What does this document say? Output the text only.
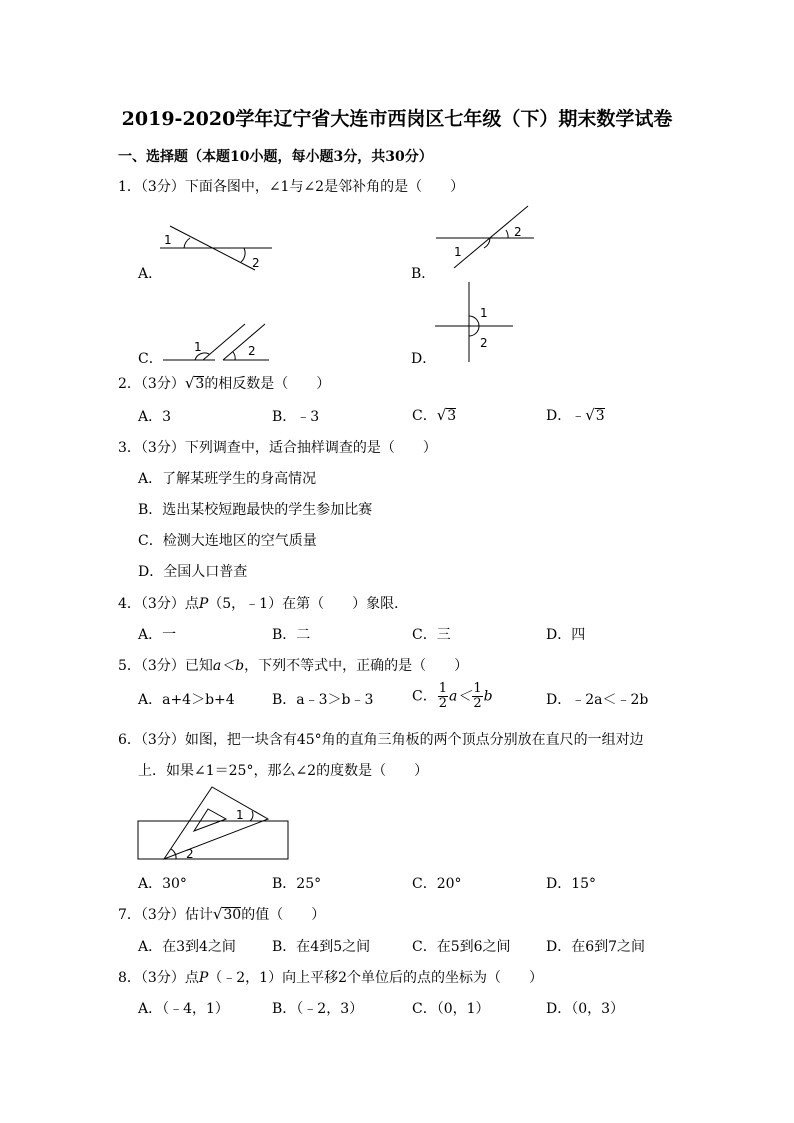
2019-2020学年辽宁省大连市西岗区七年级（下）期末数学试卷
一、选择题（本题10小题，每小题3分，共30分）
1．（3分）下面各图中，∠1与∠2是邻补角的是（　　）
1
2
A．
1
2
B．
1	2
C．
1
2
D．
2．（3分）√3的相反数是（　　）
A．3	B．﹣3	C．√3	D．﹣√3
3．（3分）下列调查中，适合抽样调查的是（　　）
A．了解某班学生的身高情况
B．选出某校短跑最快的学生参加比赛
C．检测大连地区的空气质量
D．全国人口普查
4．（3分）点P（5，﹣1）在第（　　）象限．
A．一	B．二	C．三	D．四
5．（3分）已知a＜b，下列不等式中，正确的是（　　）
A．a+4＞b+4	B．a﹣3＞b﹣3	C． $\frac{1}{2} a< \frac{1}{2}$ b	D．﹣2a＜﹣2b
6．（3分）如图，把一块含有45°角的直角三角板的两个顶点分别放在直尺的一组对边
上．如果∠1＝25°，那么∠2的度数是（　　）
1
2
A．30°	B．25°	C．20°	D．15°
7．（3分）估计√30的值（　　）
A．在3到4之间	B．在4到5之间	C．在5到6之间	D．在6到7之间
8．（3分）点P（﹣2，1）向上平移2个单位后的点的坐标为（　　）
A．（﹣4，1）	B．（﹣2，3）	C．（0，1）	D．（0，3）
